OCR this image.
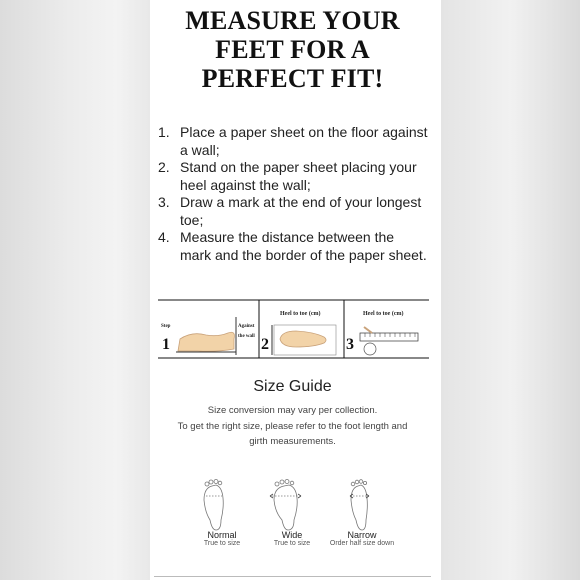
MEASURE YOUR
FEET FOR A
PERFECT FIT!
1. Place a paper sheet on the floor against a wall;
2. Stand on the paper sheet placing your heel against the wall;
3. Draw a mark at the end of your longest toe;
4. Measure the distance between the mark and the border of the paper sheet.
Step
1
Against
the wall
Heel to toe (cm)
2
Heel to toe (cm)
3
Size Guide
Size conversion may vary per collection.
To get the right size, please refer to the foot length and
girth measurements.
Normal
True to size
Wide
True to size
Narrow
Order half size down
